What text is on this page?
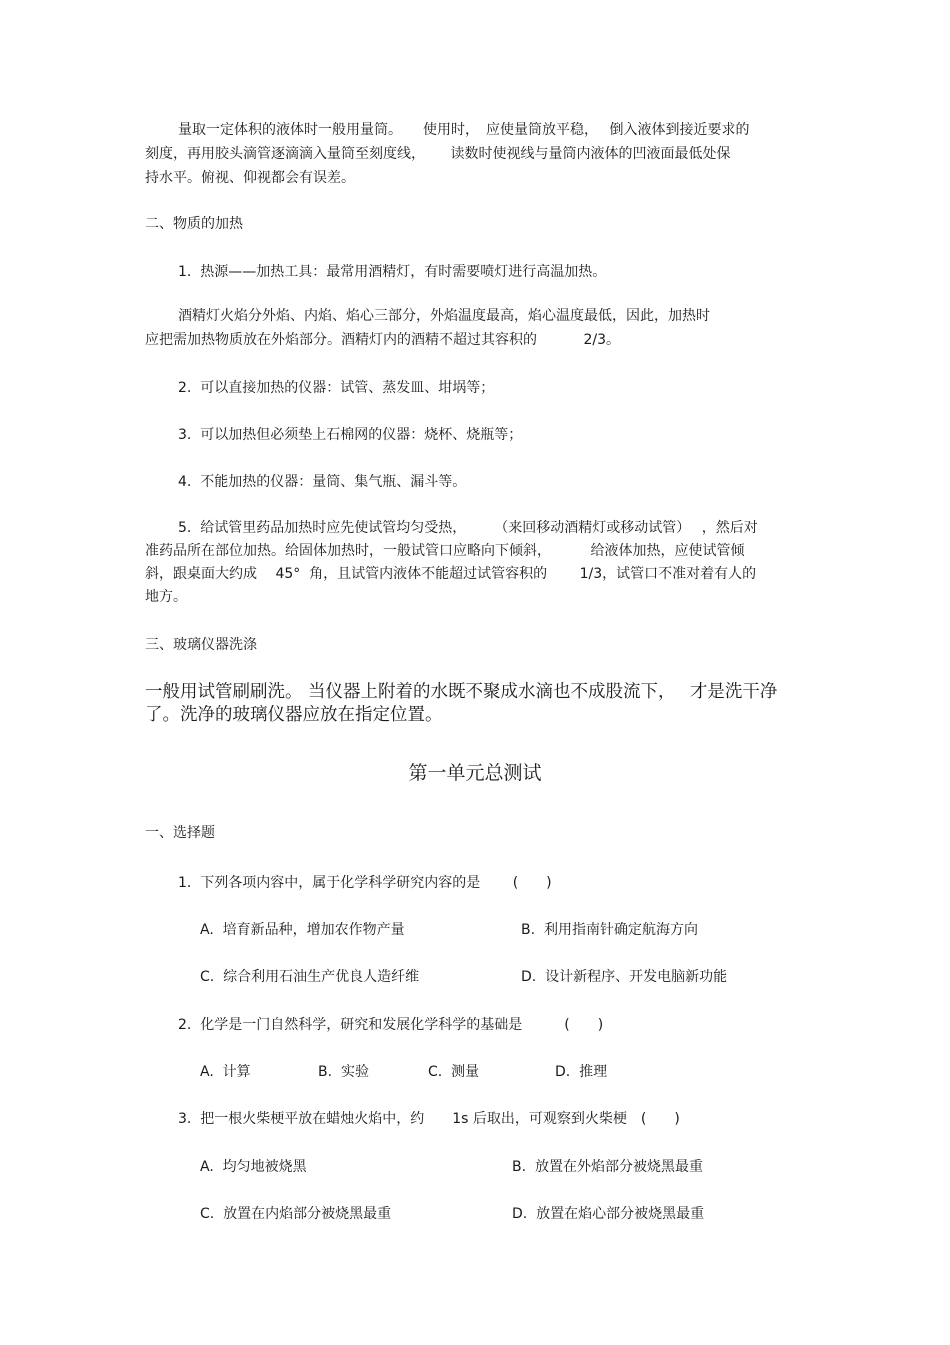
量取一定体积的液体时一般用量筒。　　使用时，　应使量筒放平稳，　 倒入液体到接近要求的
刻度，再用胶头滴管逐滴滴入量筒至刻度线，　　 读数时使视线与量筒内液体的凹液面最低处保
持水平。俯视、仰视都会有误差。
二、物质的加热
1.  热源——加热工具：最常用酒精灯，有时需要喷灯进行高温加热。
酒精灯火焰分外焰、内焰、焰心三部分，外焰温度最高，焰心温度最低，因此，加热时
应把需加热物质放在外焰部分。酒精灯内的酒精不超过其容积的　　　 2/3。
2.  可以直接加热的仪器：试管、蒸发皿、坩埚等；
3.  可以加热但必须垫上石棉网的仪器：烧杯、烧瓶等；
4.  不能加热的仪器：量筒、集气瓶、漏斗等。
5.  给试管里药品加热时应先使试管均匀受热，　　　（来回移动酒精灯或移动试管）　 ，然后对
准药品所在部位加热。给固体加热时，一般试管口应略向下倾斜，　　　 给液体加热，应使试管倾
斜，跟桌面大约成　 45°  角，且试管内液体不能超过试管容积的　　 1/3，试管口不准对着有人的
地方。
三、玻璃仪器洗涤
一般用试管刷刷洗。 当仪器上附着的水既不聚成水滴也不成股流下，　 才是洗干净
了。洗净的玻璃仪器应放在指定位置。
第一单元总测试
一、选择题
1.  下列各项内容中，属于化学科学研究内容的是　　 (　　)
A.  培育新品种，增加农作物产量	B.  利用指南针确定航海方向
C.  综合利用石油生产优良人造纤维	D.  设计新程序、开发电脑新功能
2.  化学是一门自然科学，研究和发展化学科学的基础是　　　(　　)
A.  计算	B.  实验	C.  测量	D.  推理
3.  把一根火柴梗平放在蜡烛火焰中，约　　1s 后取出，可观察到火柴梗　(　　)
A.  均匀地被烧黑	B.  放置在外焰部分被烧黑最重
C.  放置在内焰部分被烧黑最重	D.  放置在焰心部分被烧黑最重
